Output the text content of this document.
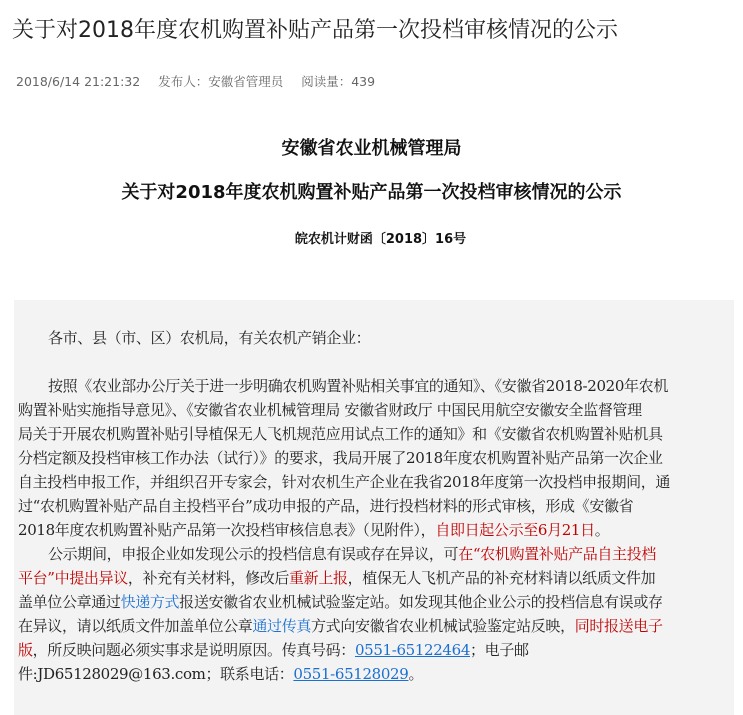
关于对2018年度农机购置补贴产品第一次投档审核情况的公示
2018/6/14 21:21:32 发布人：安徽省管理员 阅读量：439
安徽省农业机械管理局
关于对2018年度农机购置补贴产品第一次投档审核情况的公示
皖农机计财函〔2018〕16号
各市、县（市、区）农机局，有关农机产销企业：
按照《农业部办公厅关于进一步明确农机购置补贴相关事宜的通知》、《安徽省2018-2020年农机
购置补贴实施指导意见》、《安徽省农业机械管理局 安徽省财政厅 中国民用航空安徽安全监督管理
局关于开展农机购置补贴引导植保无人飞机规范应用试点工作的通知》和《安徽省农机购置补贴机具
分档定额及投档审核工作办法（试行）》的要求，我局开展了2018年度农机购置补贴产品第一次企业
自主投档申报工作，并组织召开专家会，针对农机生产企业在我省2018年度第一次投档申报期间，通
过“农机购置补贴产品自主投档平台”成功申报的产品，进行投档材料的形式审核，形成《安徽省
2018年度农机购置补贴产品第一次投档审核信息表》（见附件），自即日起公示至6月21日。
公示期间，申报企业如发现公示的投档信息有误或存在异议，可在“农机购置补贴产品自主投档
平台”中提出异议，补充有关材料，修改后重新上报，植保无人飞机产品的补充材料请以纸质文件加
盖单位公章通过快递方式报送安徽省农业机械试验鉴定站。如发现其他企业公示的投档信息有误或存
在异议，请以纸质文件加盖单位公章通过传真方式向安徽省农业机械试验鉴定站反映，同时报送电子
版，所反映问题必须实事求是说明原因。传真号码：0551-65122464；电子邮
件:JD65128029@163.com；联系电话：0551-65128029。
